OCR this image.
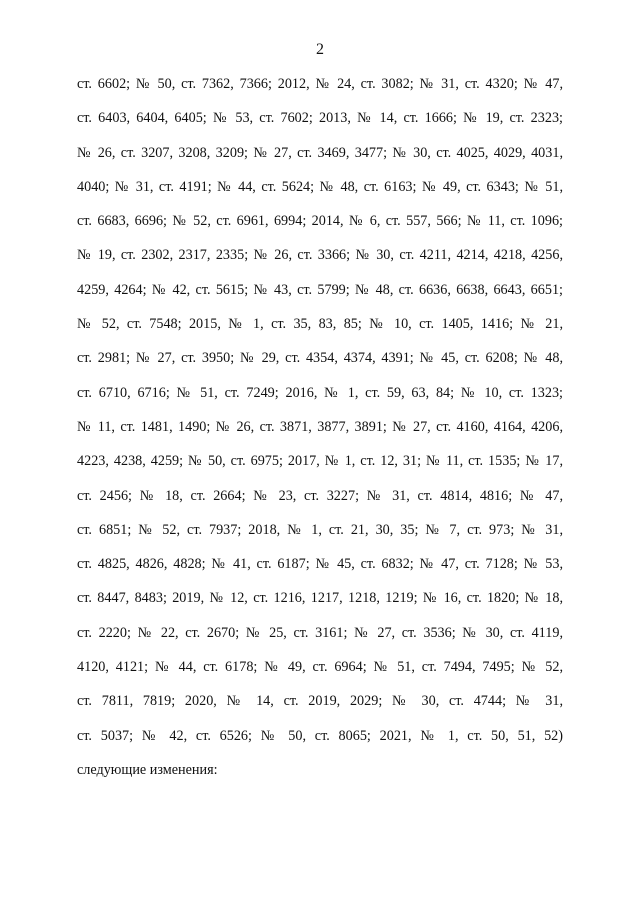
2
ст. 6602; № 50, ст. 7362, 7366; 2012, № 24, ст. 3082; № 31, ст. 4320; № 47,
ст. 6403, 6404, 6405; № 53, ст. 7602; 2013, № 14, ст. 1666; № 19, ст. 2323;
№ 26, ст. 3207, 3208, 3209; № 27, ст. 3469, 3477; № 30, ст. 4025, 4029, 4031,
4040; № 31, ст. 4191; № 44, ст. 5624; № 48, ст. 6163; № 49, ст. 6343; № 51,
ст. 6683, 6696; № 52, ст. 6961, 6994; 2014, № 6, ст. 557, 566; № 11, ст. 1096;
№ 19, ст. 2302, 2317, 2335; № 26, ст. 3366; № 30, ст. 4211, 4214, 4218, 4256,
4259, 4264; № 42, ст. 5615; № 43, ст. 5799; № 48, ст. 6636, 6638, 6643, 6651;
№ 52, ст. 7548; 2015, № 1, ст. 35, 83, 85; № 10, ст. 1405, 1416; № 21,
ст. 2981; № 27, ст. 3950; № 29, ст. 4354, 4374, 4391; № 45, ст. 6208; № 48,
ст. 6710, 6716; № 51, ст. 7249; 2016, № 1, ст. 59, 63, 84; № 10, ст. 1323;
№ 11, ст. 1481, 1490; № 26, ст. 3871, 3877, 3891; № 27, ст. 4160, 4164, 4206,
4223, 4238, 4259; № 50, ст. 6975; 2017, № 1, ст. 12, 31; № 11, ст. 1535; № 17,
ст. 2456; № 18, ст. 2664; № 23, ст. 3227; № 31, ст. 4814, 4816; № 47,
ст. 6851; № 52, ст. 7937; 2018, № 1, ст. 21, 30, 35; № 7, ст. 973; № 31,
ст. 4825, 4826, 4828; № 41, ст. 6187; № 45, ст. 6832; № 47, ст. 7128; № 53,
ст. 8447, 8483; 2019, № 12, ст. 1216, 1217, 1218, 1219; № 16, ст. 1820; № 18,
ст. 2220; № 22, ст. 2670; № 25, ст. 3161; № 27, ст. 3536; № 30, ст. 4119,
4120, 4121; № 44, ст. 6178; № 49, ст. 6964; № 51, ст. 7494, 7495; № 52,
ст. 7811, 7819; 2020, № 14, ст. 2019, 2029; № 30, ст. 4744; № 31,
ст. 5037; № 42, ст. 6526; № 50, ст. 8065; 2021, № 1, ст. 50, 51, 52)
следующие изменения:
